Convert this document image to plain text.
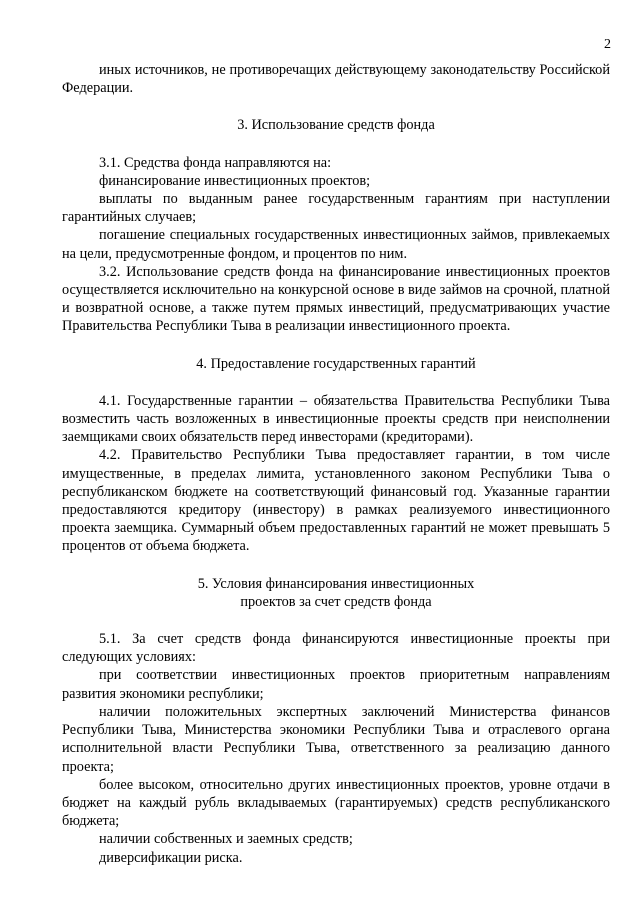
2

иных источников, не противоречащих действующему законодательству Российской Федерации.

3. Использование средств фонда

3.1. Средства фонда направляются на:

финансирование инвестиционных проектов;

выплаты по выданным ранее государственным гарантиям при наступлении гарантийных случаев;

погашение специальных государственных инвестиционных займов, привлекаемых на цели, предусмотренные фондом, и процентов по ним.

3.2. Использование средств фонда на финансирование инвестиционных проектов осуществляется исключительно на конкурсной основе в виде займов на срочной, платной и возвратной основе, а также путем прямых инвестиций, предусматривающих участие Правительства Республики Тыва в реализации инвестиционного проекта.

4. Предоставление государственных гарантий

4.1. Государственные гарантии – обязательства Правительства Республики Тыва возместить часть возложенных в инвестиционные проекты средств при неисполнении заемщиками своих обязательств перед инвесторами (кредиторами).

4.2. Правительство Республики Тыва предоставляет гарантии, в том числе имущественные, в пределах лимита, установленного законом Республики Тыва о республиканском бюджете на соответствующий финансовый год. Указанные гарантии предоставляются кредитору (инвестору) в рамках реализуемого инвестиционного проекта заемщика. Суммарный объем предоставленных гарантий не может превышать 5 процентов от объема бюджета.

5. Условия финансирования инвестиционных
проектов за счет средств фонда

5.1. За счет средств фонда финансируются инвестиционные проекты при следующих условиях:

при соответствии инвестиционных проектов приоритетным направлениям развития экономики республики;

наличии положительных экспертных заключений Министерства финансов Республики Тыва, Министерства экономики Республики Тыва и отраслевого органа исполнительной власти Республики Тыва, ответственного за реализацию данного проекта;

более высоком, относительно других инвестиционных проектов, уровне отдачи в бюджет на каждый рубль вкладываемых (гарантируемых) средств республиканского бюджета;

наличии собственных и заемных средств;

диверсификации риска.
